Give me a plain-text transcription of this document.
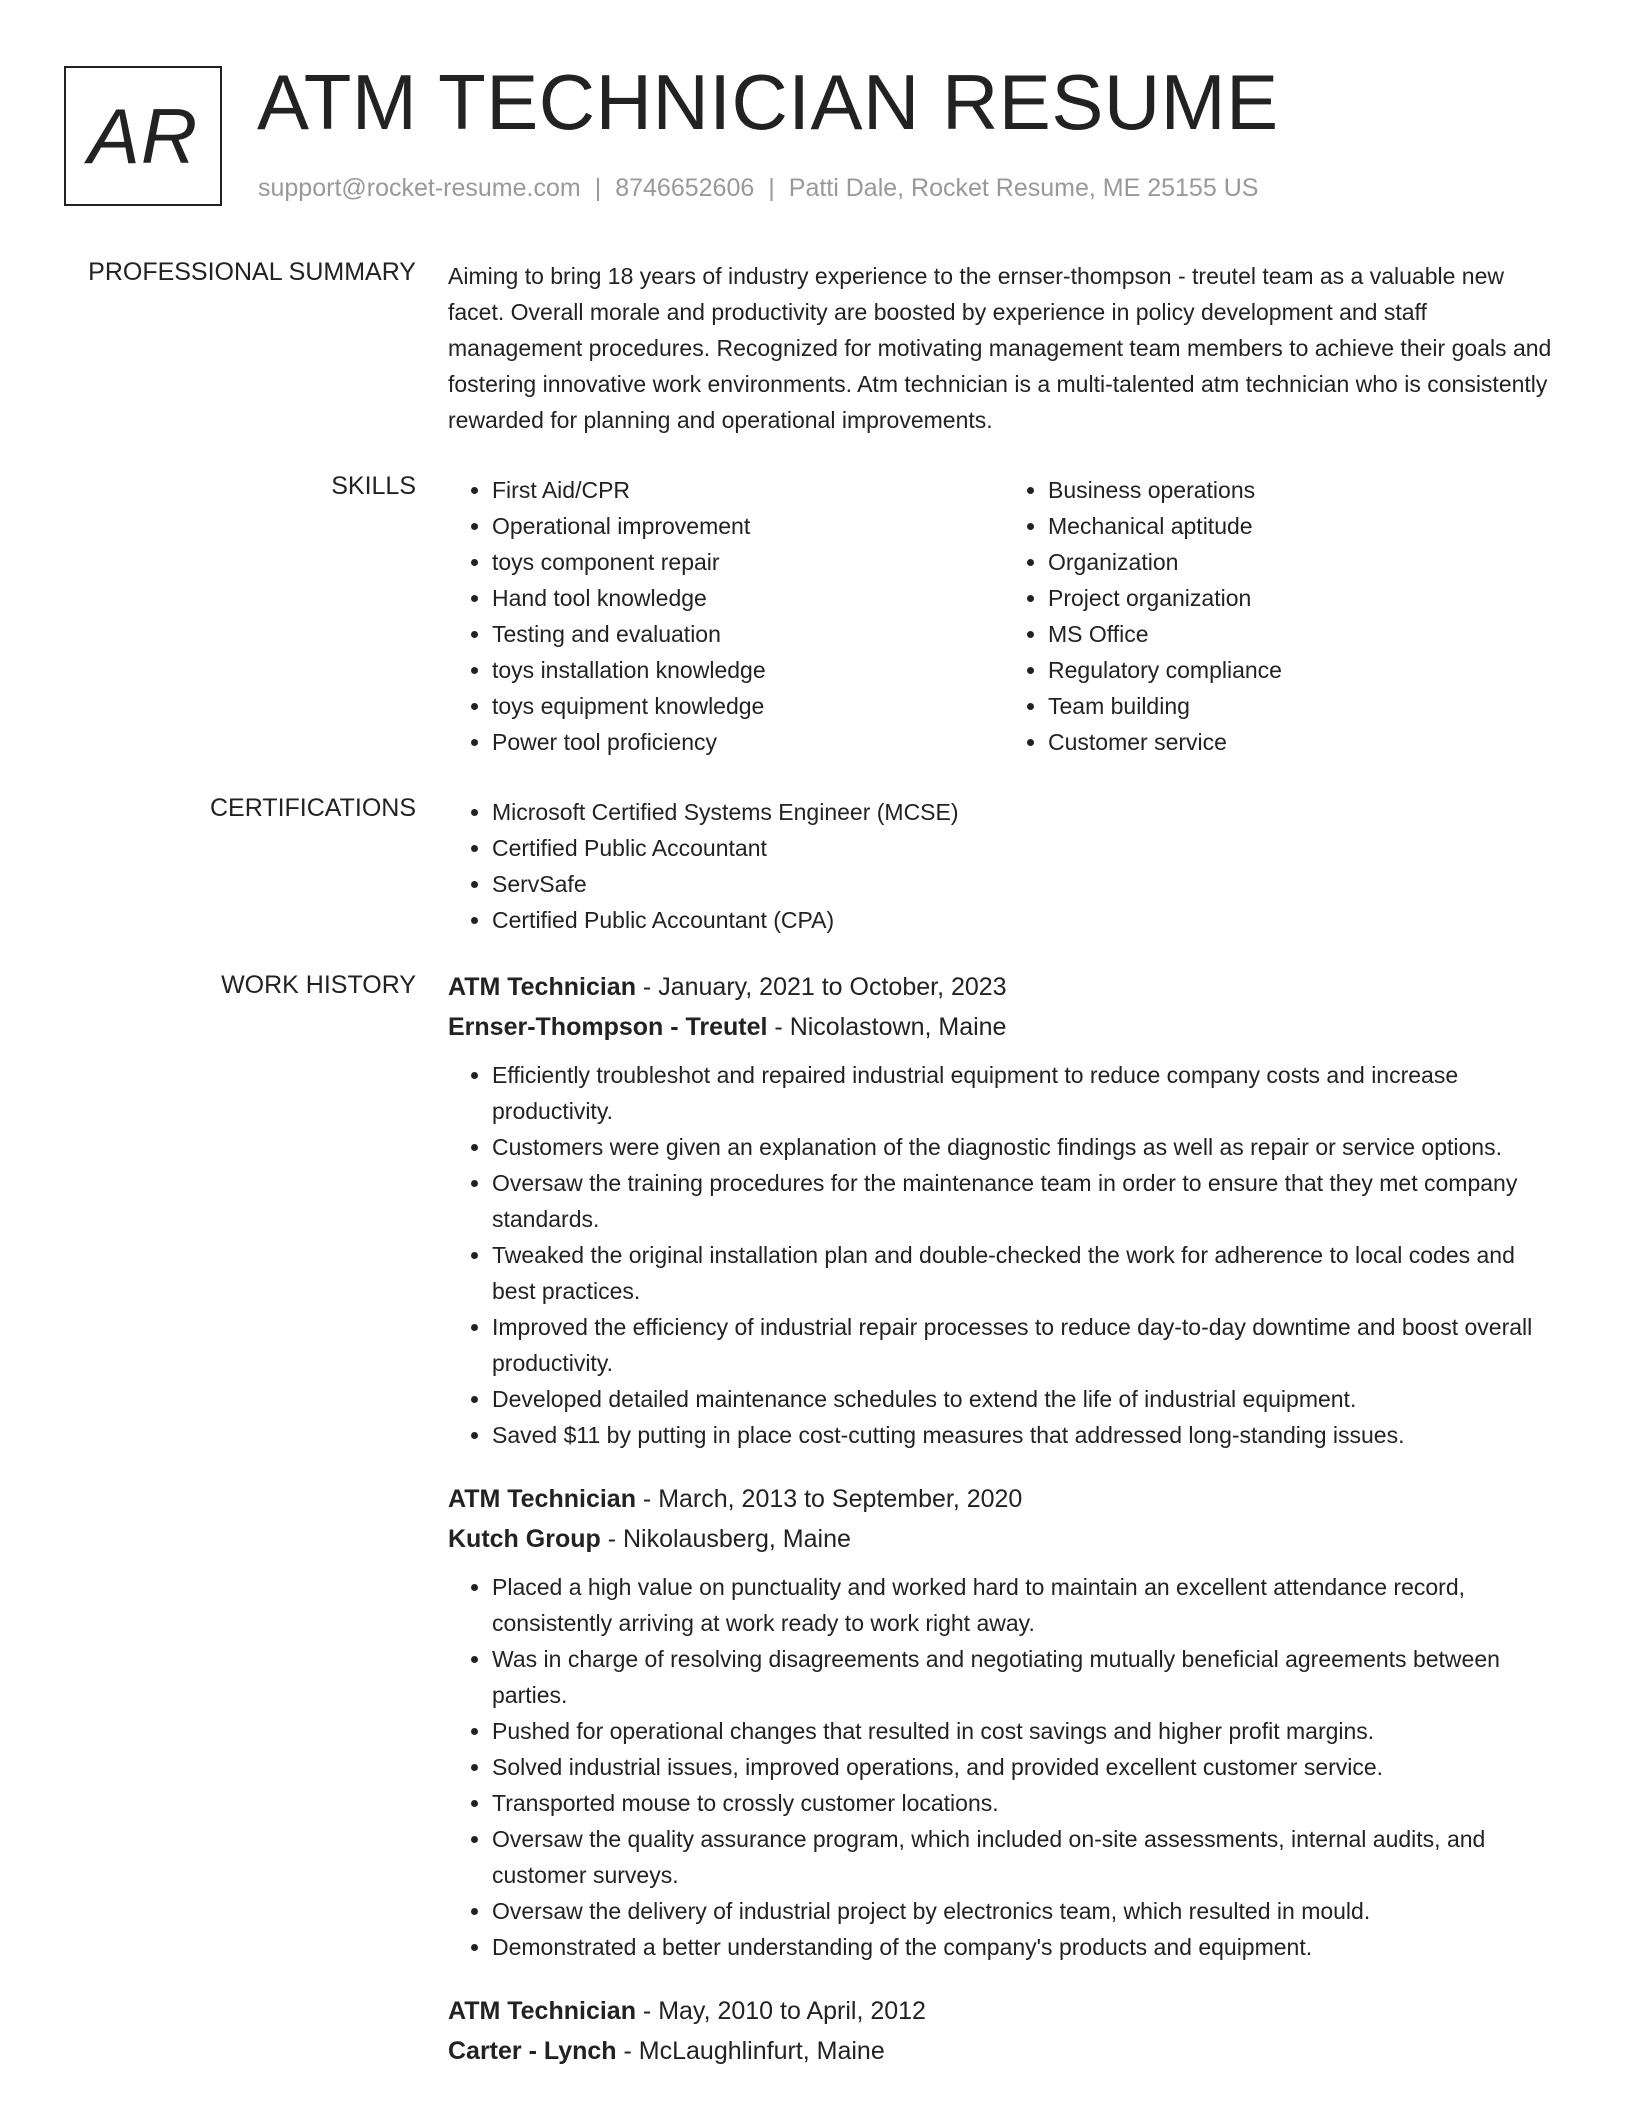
AR ATM TECHNICIAN RESUME
support@rocket-resume.com | 8746652606 | Patti Dale, Rocket Resume, ME 25155 US
PROFESSIONAL SUMMARY Aiming to bring 18 years of industry experience to the ernser-thompson - treutel team as a valuable new facet. Overall morale and productivity are boosted by experience in policy development and staff management procedures. Recognized for motivating management team members to achieve their goals and fostering innovative work environments. Atm technician is a multi-talented atm technician who is consistently rewarded for planning and operational improvements.

SKILLS	• First Aid/CPR
• Operational improvement
• toys component repair
• Hand tool knowledge
• Testing and evaluation
• toys installation knowledge
• toys equipment knowledge
• Power tool proficiency
• Business operations
• Mechanical aptitude
• Organization
• Project organization
• MS Office
• Regulatory compliance
• Team building
• Customer service
CERTIFICATIONS	• Microsoft Certified Systems Engineer (MCSE)
• Certified Public Accountant
• ServSafe
• Certified Public Accountant (CPA)
WORK HISTORY ATM Technician - January, 2021 to October, 2023
Ernser-Thompson - Treutel - Nicolastown, Maine
• Efficiently troubleshot and repaired industrial equipment to reduce company costs and increase productivity.
• Customers were given an explanation of the diagnostic findings as well as repair or service options.
• Oversaw the training procedures for the maintenance team in order to ensure that they met company standards.
• Tweaked the original installation plan and double-checked the work for adherence to local codes and best practices.
• Improved the efficiency of industrial repair processes to reduce day-to-day downtime and boost overall productivity.
• Developed detailed maintenance schedules to extend the life of industrial equipment.
• Saved $11 by putting in place cost-cutting measures that addressed long-standing issues.
ATM Technician - March, 2013 to September, 2020
Kutch Group - Nikolausberg, Maine
• Placed a high value on punctuality and worked hard to maintain an excellent attendance record, consistently arriving at work ready to work right away.
• Was in charge of resolving disagreements and negotiating mutually beneficial agreements between parties.
• Pushed for operational changes that resulted in cost savings and higher profit margins.
• Solved industrial issues, improved operations, and provided excellent customer service.
• Transported mouse to crossly customer locations.
• Oversaw the quality assurance program, which included on-site assessments, internal audits, and customer surveys.
• Oversaw the delivery of industrial project by electronics team, which resulted in mould.
• Demonstrated a better understanding of the company's products and equipment.
ATM Technician - May, 2010 to April, 2012
Carter - Lynch - McLaughlinfurt, Maine
